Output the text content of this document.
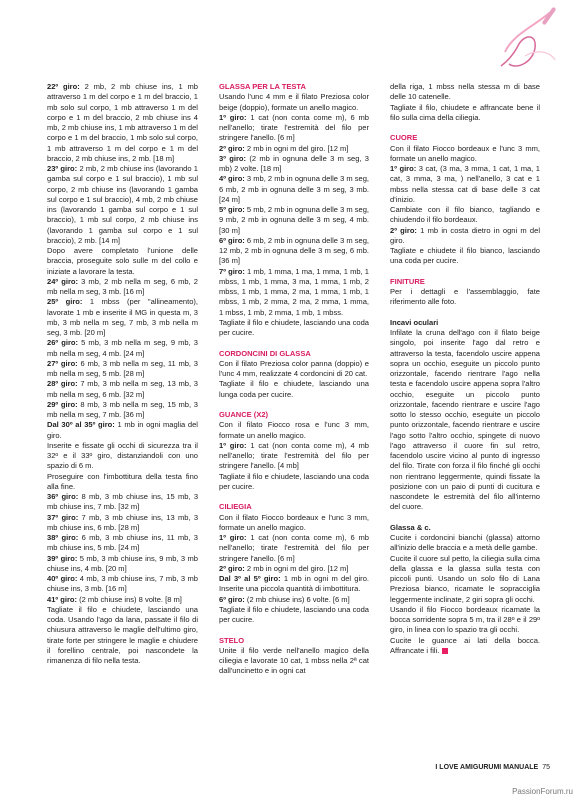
22º giro: 2 mb, 2 mb chiuse ins, 1 mb attraverso 1 m del corpo e 1 m del braccio, 1 mb solo sul corpo, 1 mb attraverso 1 m del corpo e 1 m del braccio, 2 mb chiuse ins 4 mb, 2 mb chiuse ins, 1 mb attraverso 1 m del corpo e 1 m del braccio, 1 mb solo sul corpo, 1 mb attraverso 1 m del corpo e 1 m del braccio, 2 mb chiuse ins, 2 mb. [18 m]

23º giro: 2 mb, 2 mb chiuse ins (lavorando 1 gamba sul corpo e 1 sul braccio), 1 mb sul corpo, 2 mb chiuse ins (lavorando 1 gamba sul corpo e 1 sul braccio), 4 mb, 2 mb chiuse ins (lavorando 1 gamba sul corpo e 1 sul braccio), 1 mb sul corpo, 2 mb chiuse ins (lavorando 1 gamba sul corpo e 1 sul braccio), 2 mb. [14 m]

Dopo avere completato l'unione delle braccia, proseguite solo sulle m del collo e iniziate a lavorare la testa.

24º giro: 3 mb, 2 mb nella m seg, 6 mb, 2 mb nella m seg, 3 mb. [16 m]

25º giro: 1 mbss (per "allineamento), lavorate 1 mb e inserite il MG in questa m, 3 mb, 3 mb nella m seg, 7 mb, 3 mb nella m seg, 3 mb. [20 m]

26º giro: 5 mb, 3 mb nella m seg, 9 mb, 3 mb nella m seg, 4 mb. [24 m]

27º giro: 6 mb, 3 mb nella m seg, 11 mb, 3 mb nella m seg, 5 mb. [28 m]

28º giro: 7 mb, 3 mb nella m seg, 13 mb, 3 mb nella m seg, 6 mb. [32 m]

29º giro: 8 mb, 3 mb nella m seg, 15 mb, 3 mb nella m seg, 7 mb. [36 m]

Dal 30º al 35º giro: 1 mb in ogni maglia del giro.

Inserite e fissate gli occhi di sicurezza tra il 32º e il 33º giro, distanziandoli con uno spazio di 6 m.

Proseguire con l'imbottitura della testa fino alla fine.

36º giro: 8 mb, 3 mb chiuse ins, 15 mb, 3 mb chiuse ins, 7 mb. [32 m]

37º giro: 7 mb, 3 mb chiuse ins, 13 mb, 3 mb chiuse ins, 6 mb. [28 m]

38º giro: 6 mb, 3 mb chiuse ins, 11 mb, 3 mb chiuse ins, 5 mb. [24 m]

39º giro: 5 mb, 3 mb chiuse ins, 9 mb, 3 mb chiuse ins, 4 mb. [20 m]

40º giro: 4 mb, 3 mb chiuse ins, 7 mb, 3 mb chiuse ins, 3 mb. [16 m]

41º giro: (2 mb chiuse ins) 8 volte. [8 m]

Tagliate il filo e chiudete, lasciando una coda. Usando l'ago da lana, passate il filo di chiusura attraverso le maglie dell'ultimo giro, tirate forte per stringere le maglie e chiudere il forellino centrale, poi nascondete la rimanenza di filo nella testa.

GLASSA PER LA TESTA

Usando l'unc 4 mm e il filato Preziosa color beige (doppio), formate un anello magico.

1º giro: 1 cat (non conta come m), 6 mb nell'anello; tirate l'estremità del filo per stringere l'anello. [6 m]

2º giro: 2 mb in ogni m del giro. [12 m]

3º giro: (2 mb in ognuna delle 3 m seg, 3 mb) 2 volte. [18 m]

4º giro: 3 mb, 2 mb in ognuna delle 3 m seg, 6 mb, 2 mb in ognuna delle 3 m seg, 3 mb. [24 m]

5º giro: 5 mb, 2 mb in ognuna delle 3 m seg, 9 mb, 2 mb in ognuna delle 3 m seg, 4 mb. [30 m]

6º giro: 6 mb, 2 mb in ognuna delle 3 m seg, 12 mb, 2 mb in ognuna delle 3 m seg, 6 mb. [36 m]

7º giro: 1 mb, 1 mma, 1 ma, 1 mma, 1 mb, 1 mbss, 1 mb, 1 mma, 3 ma, 1 mma, 1 mb, 2 mbss, 1 mb, 1 mma, 2 ma, 1 mma, 1 mb, 1 mbss, 1 mb, 2 mma, 2 ma, 2 mma, 1 mma, 1 mbss, 1 mb, 2 mma, 1 mb, 1 mbss.

Tagliate il filo e chiudete, lasciando una coda per cucire.

CORDONCINI DI GLASSA

Con il filato Preziosa color panna (doppio) e l'unc 4 mm, realizzate 4 cordoncini di 20 cat.

Tagliate il filo e chiudete, lasciando una lunga coda per cucire.

GUANCE (X2)

Con il filato Fiocco rosa e l'unc 3 mm, formate un anello magico.

1º giro: 1 cat (non conta come m), 4 mb nell'anello; tirate l'estremità del filo per stringere l'anello. [4 mb]

Tagliate il filo e chiudete, lasciando una coda per cucire.

CILIEGIA

Con il filato Fiocco bordeaux e l'unc 3 mm, formate un anello magico.

1º giro: 1 cat (non conta come m), 6 mb nell'anello; tirate l'estremità del filo per stringere l'anello. [6 m]

2º giro: 2 mb in ogni m del giro. [12 m]

Dal 3º al 5º giro: 1 mb in ogni m del giro. Inserite una piccola quantità di imbottitura.

6º giro: (2 mb chiuse ins) 6 volte. [6 m]

Tagliate il filo e chiudete, lasciando una coda per cucire.

STELO

Unite il filo verde nell'anello magico della ciliegia e lavorate 10 cat, 1 mbss nella 2ª cat dall'uncinetto e in ogni cat

della riga, 1 mbss nella stessa m di base delle 10 catenelle.

Tagliate il filo, chiudete e affrancate bene il filo sulla cima della ciliegia.

CUORE

Con il filato Fiocco bordeaux e l'unc 3 mm, formate un anello magico.

1º giro: 3 cat, (3 ma, 3 mma, 1 cat, 1 ma, 1 cat, 3 mma, 3 ma, ) nell'anello, 3 cat e 1 mbss nella stessa cat di base delle 3 cat d'inizio.

Cambiate con il filo bianco, tagliando e chiudendo il filo bordeaux.

2º giro: 1 mb in costa dietro in ogni m del giro.

Tagliate e chiudete il filo bianco, lasciando una coda per cucire.

FINITURE

Per i dettagli e l'assemblaggio, fate riferimento alle foto.

Incavi oculari

Infilate la cruna dell'ago con il filato beige singolo, poi inserite l'ago dal retro e attraverso la testa, facendolo uscire appena sopra un occhio, eseguite un piccolo punto orizzontale, facendo rientrare l'ago nella testa e facendolo uscire appena sopra l'altro occhio, eseguite un piccolo punto orizzontale, facendo rientrare e uscire l'ago sotto lo stesso occhio, eseguite un piccolo punto orizzontale, facendo rientrare e uscire l'ago sotto l'altro occhio, spingete di nuovo l'ago attraverso il cuore fin sul retro, facendolo uscire vicino al punto di ingresso del filo. Tirate con forza il filo finché gli occhi non rientrano leggermente, quindi fissate la posizione con un paio di punti di cucitura e nascondete le estremità del filo all'interno del cuore.

Glassa & c.

Cucite i cordoncini bianchi (glassa) attorno all'inizio delle braccia e a metà delle gambe.

Cucite il cuore sul petto, la ciliegia sulla cima della glassa e la glassa sulla testa con piccoli punti. Usando un solo filo di Lana Preziosa bianco, ricamate le sopracciglia leggermente inclinate, 2 giri sopra gli occhi.

Usando il filo Fiocco bordeaux ricamate la bocca sorridente sopra 5 m, tra il 28º e il 29º giro, in linea con lo spazio tra gli occhi.

Cucite le guance ai lati della bocca. Affrancate i fili.

I LOVE AMIGURUMI MANUALE 75
PassionForum.ru
